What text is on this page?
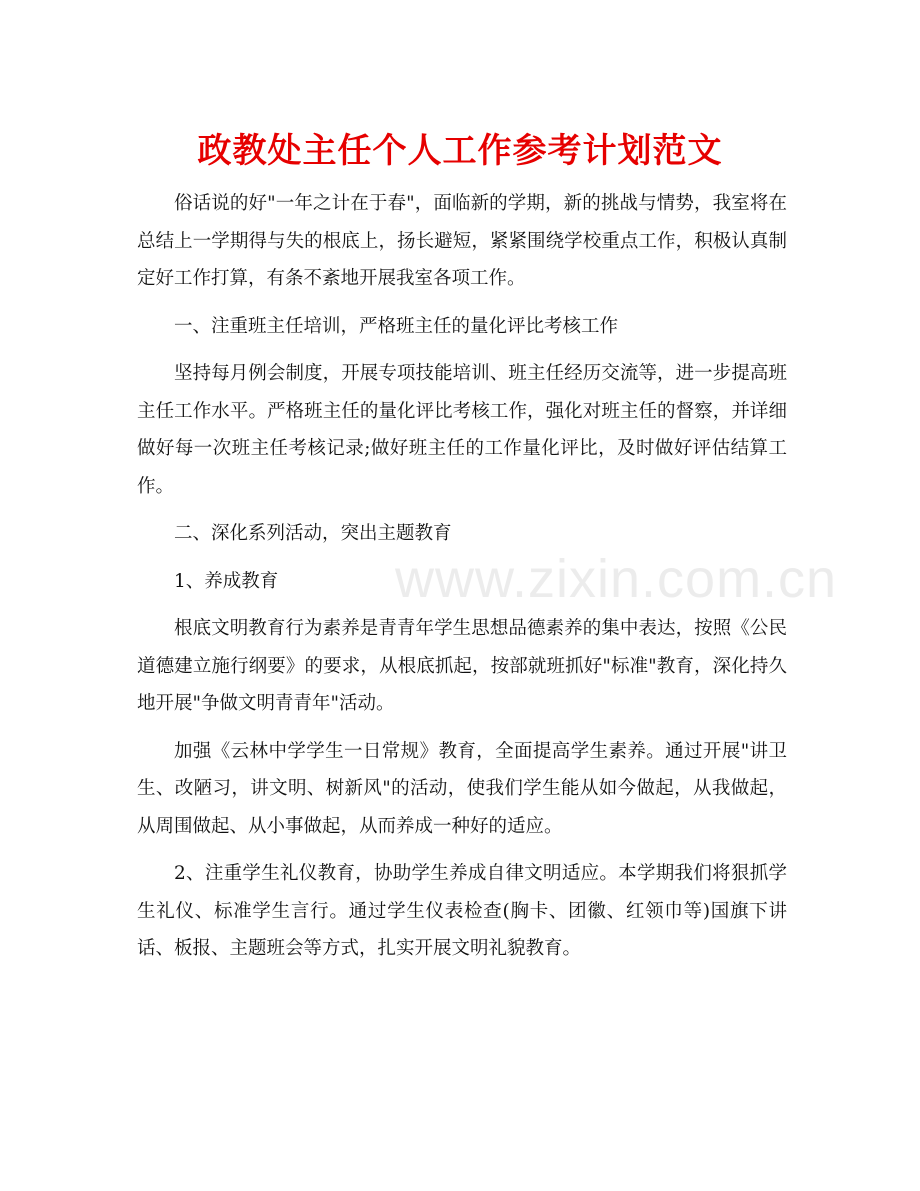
政教处主任个人工作参考计划范文
www.zixin.com.cn

俗话说的好"一年之计在于春"，面临新的学期，新的挑战与情势，我室将在总结上一学期得与失的根底上，扬长避短，紧紧围绕学校重点工作，积极认真制定好工作打算，有条不紊地开展我室各项工作。

一、注重班主任培训，严格班主任的量化评比考核工作

坚持每月例会制度，开展专项技能培训、班主任经历交流等，进一步提高班主任工作水平。严格班主任的量化评比考核工作，强化对班主任的督察，并详细做好每一次班主任考核记录;做好班主任的工作量化评比，及时做好评估结算工作。

二、深化系列活动，突出主题教育

1、养成教育

根底文明教育行为素养是青青年学生思想品德素养的集中表达，按照《公民道德建立施行纲要》的要求，从根底抓起，按部就班抓好"标准"教育，深化持久地开展"争做文明青青年"活动。

加强《云林中学学生一日常规》教育，全面提高学生素养。通过开展"讲卫生、改陋习，讲文明、树新风"的活动，使我们学生能从如今做起，从我做起，从周围做起、从小事做起，从而养成一种好的适应。

2、注重学生礼仪教育，协助学生养成自律文明适应。本学期我们将狠抓学生礼仪、标准学生言行。通过学生仪表检查(胸卡、团徽、红领巾等)国旗下讲话、板报、主题班会等方式，扎实开展文明礼貌教育。
